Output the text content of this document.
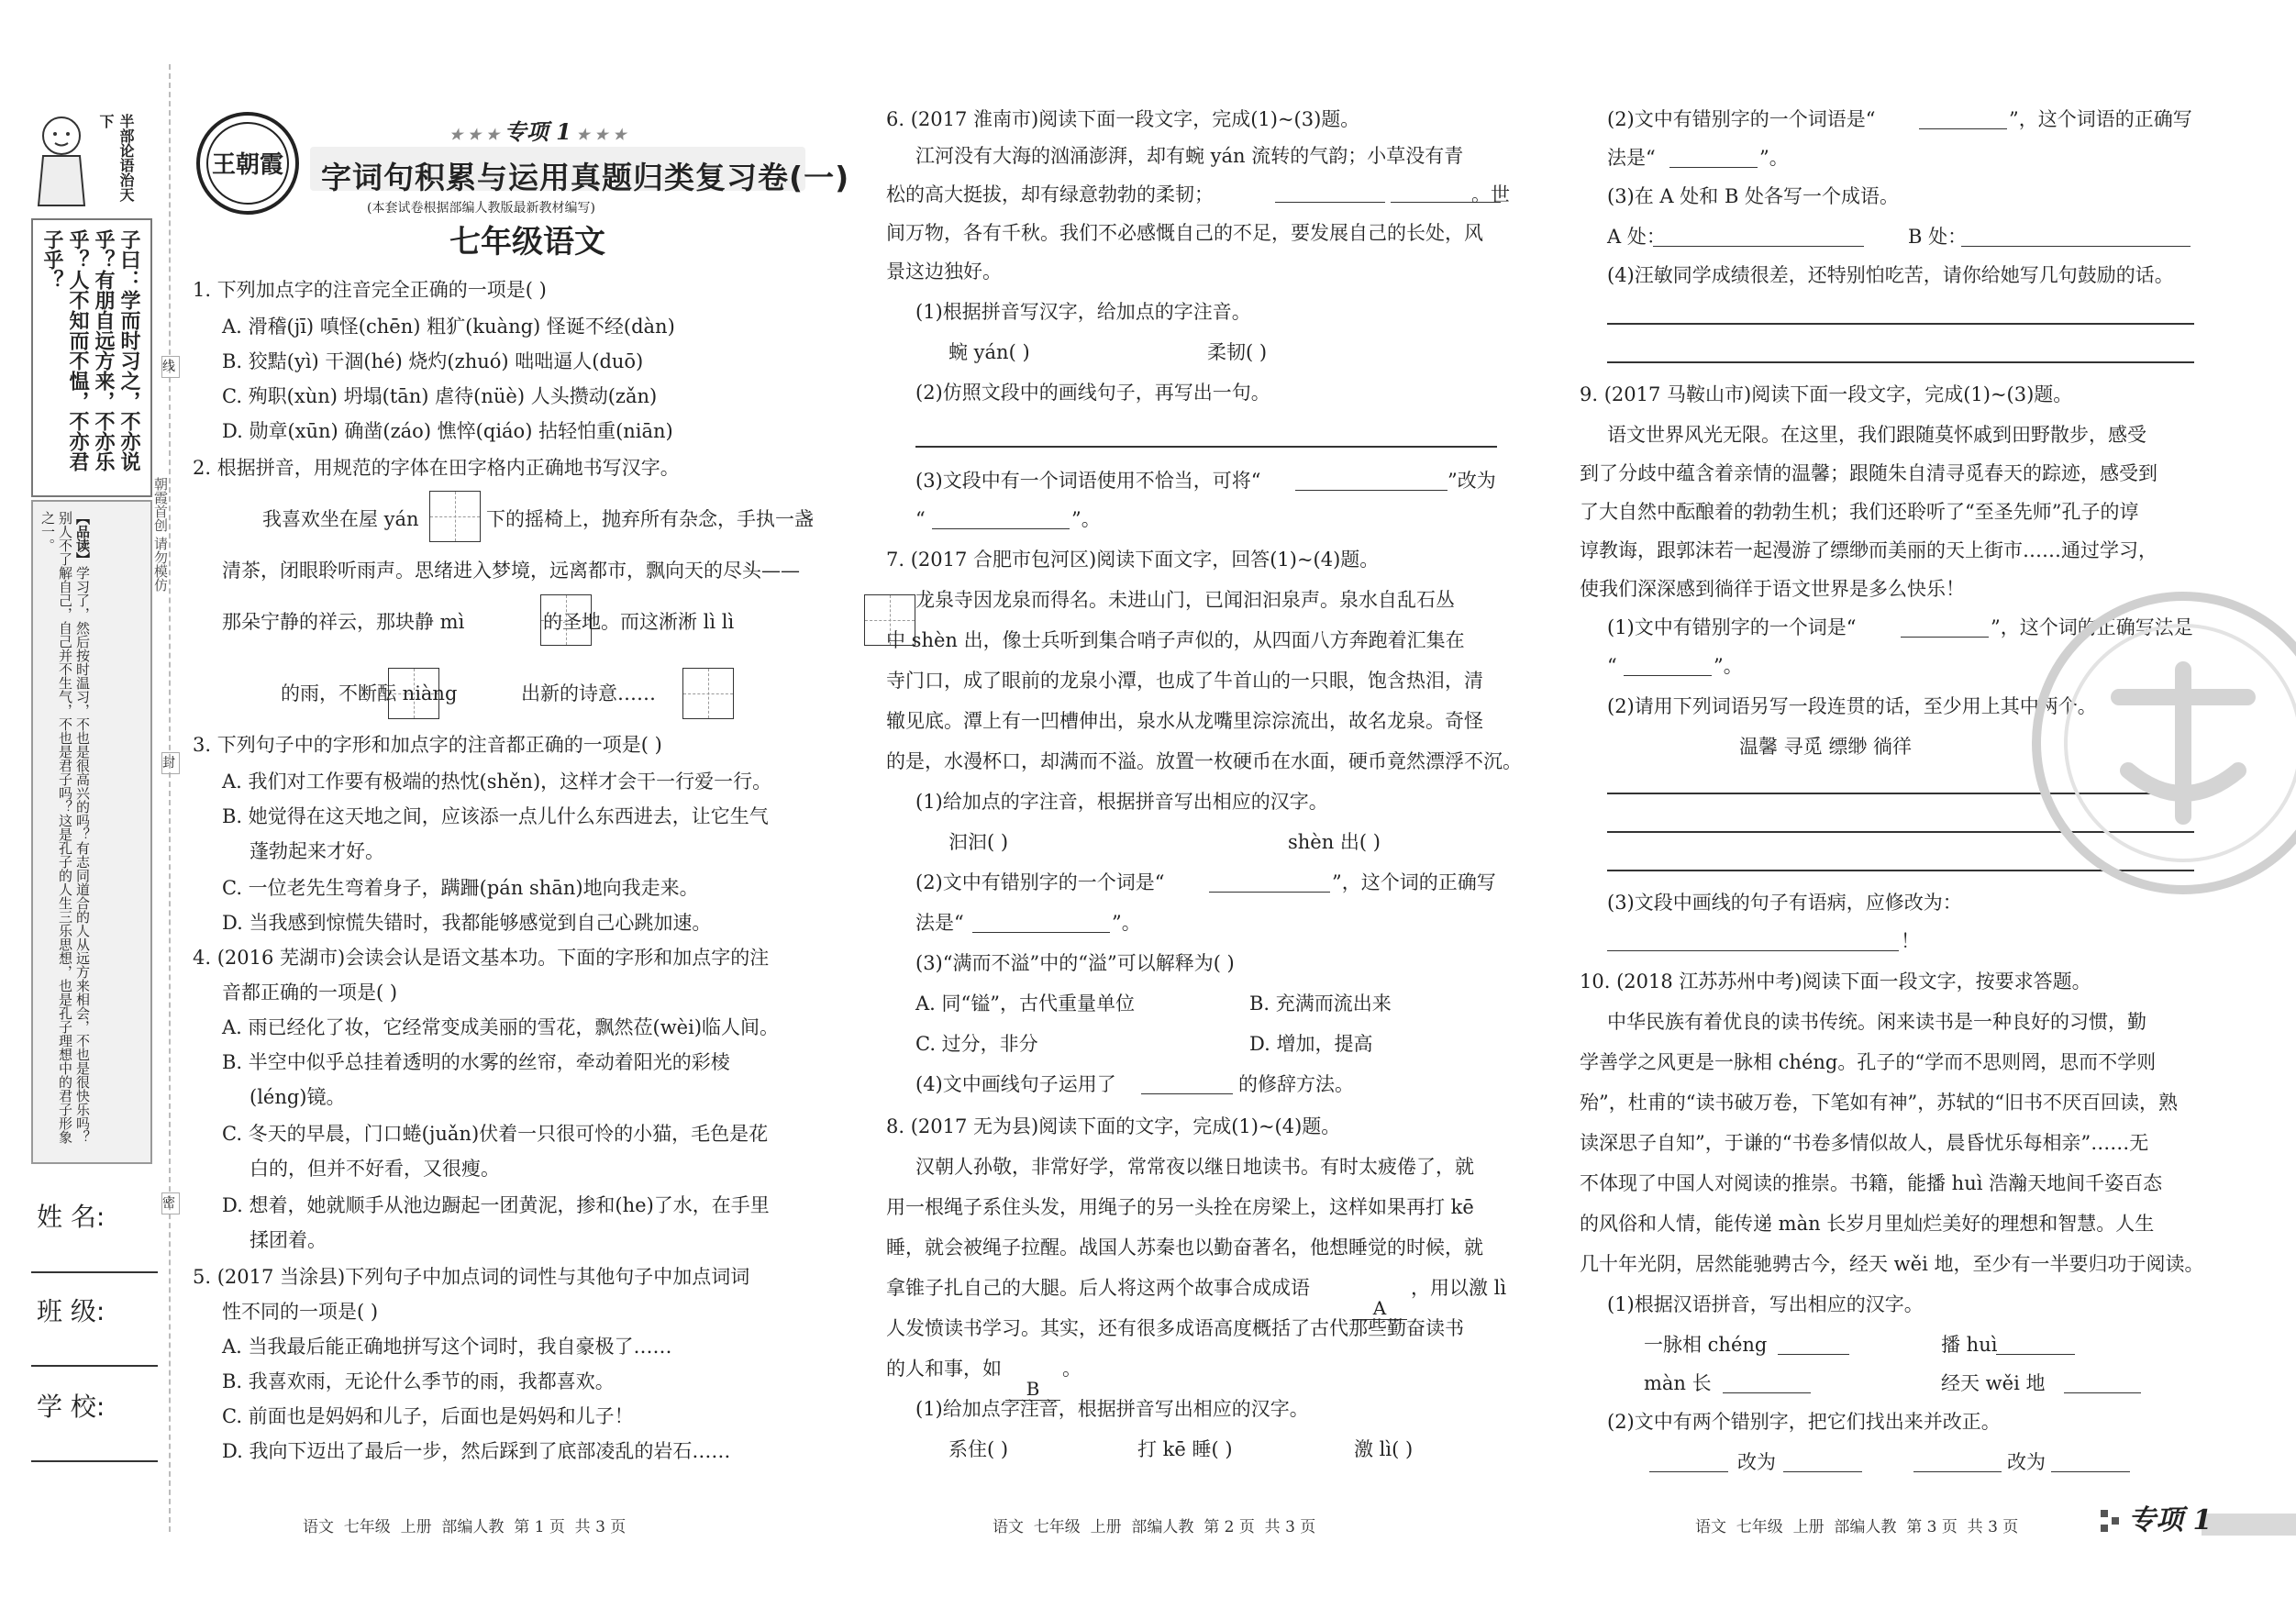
半部论语治天下
子曰：学而时习之，不亦说乎？有朋自远方来，不亦乐乎？人不知而不愠，不亦君子乎？
【品读】学习了，然后按时温习，不也是很高兴的吗？有志同道合的人从远方来相会，不也是很快乐吗？别人不了解自己，自己并不生气，不也是君子吗？这是孔子的人生三乐思想，也是孔子理想中的君子形象之一。
姓 名:
班 级:
学 校:
线
朝霞首创 请勿模仿
封
密
王朝霞
★ ★ ★ 专项 1 ★ ★ ★
字词句积累与运用真题归类复习卷(一)
(本套试卷根据部编人教版最新教材编写)
七年级语文
1. 下列加点字的注音完全正确的一项是( )
A. 滑稽(jī) 嗔怪(chēn) 粗犷(kuàng) 怪诞不经(dàn)
B. 狡黠(yì) 干涸(hé) 烧灼(zhuó) 咄咄逼人(duō)
C. 殉职(xùn) 坍塌(tān) 虐待(nüè) 人头攒动(zǎn)
D. 勋章(xūn) 确凿(záo) 憔悴(qiáo) 拈轻怕重(niān)
2. 根据拼音，用规范的字体在田字格内正确地书写汉字。
我喜欢坐在屋 yán
	下的摇椅上，抛弃所有杂念，手执一盏
清茶，闭眼聆听雨声。思绪进入梦境，远离都市，飘向天的尽头——
那朵宁静的祥云，那块静 mì
	的圣地。而这淅淅 lì lì

的雨，不断酝 niàng	出新的诗意……
3. 下列句子中的字形和加点字的注音都正确的一项是( )
A. 我们对工作要有极端的热忱(shěn)，这样才会干一行爱一行。
B. 她觉得在这天地之间，应该添一点儿什么东西进去，让它生气
蓬勃起来才好。
C. 一位老先生弯着身子，蹒跚(pán shān)地向我走来。
D. 当我感到惊慌失错时，我都能够感觉到自己心跳加速。
4. (2016 芜湖市)会读会认是语文基本功。下面的字形和加点字的注
音都正确的一项是( )
A. 雨已经化了妆，它经常变成美丽的雪花，飘然莅(wèi)临人间。
B. 半空中似乎总挂着透明的水雾的丝帘，牵动着阳光的彩棱
(léng)镜。
C. 冬天的早晨，门口蜷(juǎn)伏着一只很可怜的小猫，毛色是花
白的，但并不好看，又很瘦。
D. 想着，她就顺手从池边蹰起一团黄泥，掺和(he)了水，在手里
揉团着。
5. (2017 当涂县)下列句子中加点词的词性与其他句子中加点词词
性不同的一项是( )
A. 当我最后能正确地拼写这个词时，我自豪极了……
B. 我喜欢雨，无论什么季节的雨，我都喜欢。
C. 前面也是妈妈和儿子，后面也是妈妈和儿子！
D. 我向下迈出了最后一步，然后踩到了底部凌乱的岩石……
语文  七年级  上册  部编人教  第 1 页  共 3 页
6. (2017 淮南市)阅读下面一段文字，完成(1)~(3)题。
江河没有大海的汹涌澎湃，却有蜿 yán 流转的气韵；小草没有青
松的高大挺拔，却有绿意勃勃的柔韧；	。世
间万物，各有千秋。我们不必感慨自己的不足，要发展自己的长处，风
景这边独好。
(1)根据拼音写汉字，给加点的字注音。
蜿 yán( )	柔韧( )
(2)仿照文段中的画线句子，再写出一句。
(3)文段中有一个词语使用不恰当，可将“	”改为
“	”。
7. (2017 合肥市包河区)阅读下面文字，回答(1)~(4)题。
龙泉寺因龙泉而得名。未进山门，已闻汩汩泉声。泉水自乱石丛
中 shèn 出，像士兵听到集合哨子声似的，从四面八方奔跑着汇集在
寺门口，成了眼前的龙泉小潭，也成了牛首山的一只眼，饱含热泪，清
辙见底。潭上有一凹槽伸出，泉水从龙嘴里淙淙流出，故名龙泉。奇怪
的是，水漫杯口，却满而不溢。放置一枚硬币在水面，硬币竟然漂浮不沉。
(1)给加点的字注音，根据拼音写出相应的汉字。
汩汩( )	shèn 出( )
(2)文中有错别字的一个词是“	”，这个词的正确写
法是“	”。
(3)“满而不溢”中的“溢”可以解释为( )
A. 同“镒”，古代重量单位	B. 充满而流出来
C. 过分，非分	D. 增加，提高
(4)文中画线句子运用了	的修辞方法。
8. (2017 无为县)阅读下面的文字，完成(1)~(4)题。
汉朝人孙敬，非常好学，常常夜以继日地读书。有时太疲倦了，就
用一根绳子系住头发，用绳子的另一头拴在房梁上，这样如果再打 kē
睡，就会被绳子拉醒。战国人苏秦也以勤奋著名，他想睡觉的时候，就
拿锥子扎自己的大腿。后人将这两个故事合成成语
A
，用以激 lì
人发愤读书学习。其实，还有很多成语高度概括了古代那些勤奋读书
的人和事，如
B
。
(1)给加点字注音，根据拼音写出相应的汉字。
系住( )	打 kē 睡( )	激 lì( )
语文  七年级  上册  部编人教  第 2 页  共 3 页
(2)文中有错别字的一个词语是“	”，这个词语的正确写
法是“	”。
(3)在 A 处和 B 处各写一个成语。
A 处：	B 处：
(4)汪敏同学成绩很差，还特别怕吃苦，请你给她写几句鼓励的话。
9. (2017 马鞍山市)阅读下面一段文字，完成(1)~(3)题。
语文世界风光无限。在这里，我们跟随莫怀戚到田野散步，感受
到了分歧中蕴含着亲情的温馨；跟随朱自清寻觅春天的踪迹，感受到
了大自然中酝酿着的勃勃生机；我们还聆听了“至圣先师”孔子的谆
谆教诲，跟郭沫若一起漫游了缥缈而美丽的天上街市……通过学习，
使我们深深感到徜徉于语文世界是多么快乐！
(1)文中有错别字的一个词是“	”，这个词的正确写法是
“	”。
(2)请用下列词语另写一段连贯的话，至少用上其中两个。
温馨 寻觅 缥缈 徜徉
(3)文段中画线的句子有语病，应修改为：
！
10. (2018 江苏苏州中考)阅读下面一段文字，按要求答题。
中华民族有着优良的读书传统。闲来读书是一种良好的习惯，勤
学善学之风更是一脉相 chéng。孔子的“学而不思则罔，思而不学则
殆”，杜甫的“读书破万卷，下笔如有神”，苏轼的“旧书不厌百回读，熟
读深思子自知”，于谦的“书卷多情似故人，晨昏忧乐每相亲”……无
不体现了中国人对阅读的推崇。书籍，能播 huì 浩瀚天地间千姿百态
的风俗和人情，能传递 màn 长岁月里灿烂美好的理想和智慧。人生
几十年光阴，居然能驰骋古今，经天 wěi 地，至少有一半要归功于阅读。
(1)根据汉语拼音，写出相应的汉字。
一脉相 chéng	播 huì
màn 长	经天 wěi 地
(2)文中有两个错别字，把它们找出来并改正。
改为	改为
语文  七年级  上册  部编人教  第 3 页  共 3 页	专项 1
